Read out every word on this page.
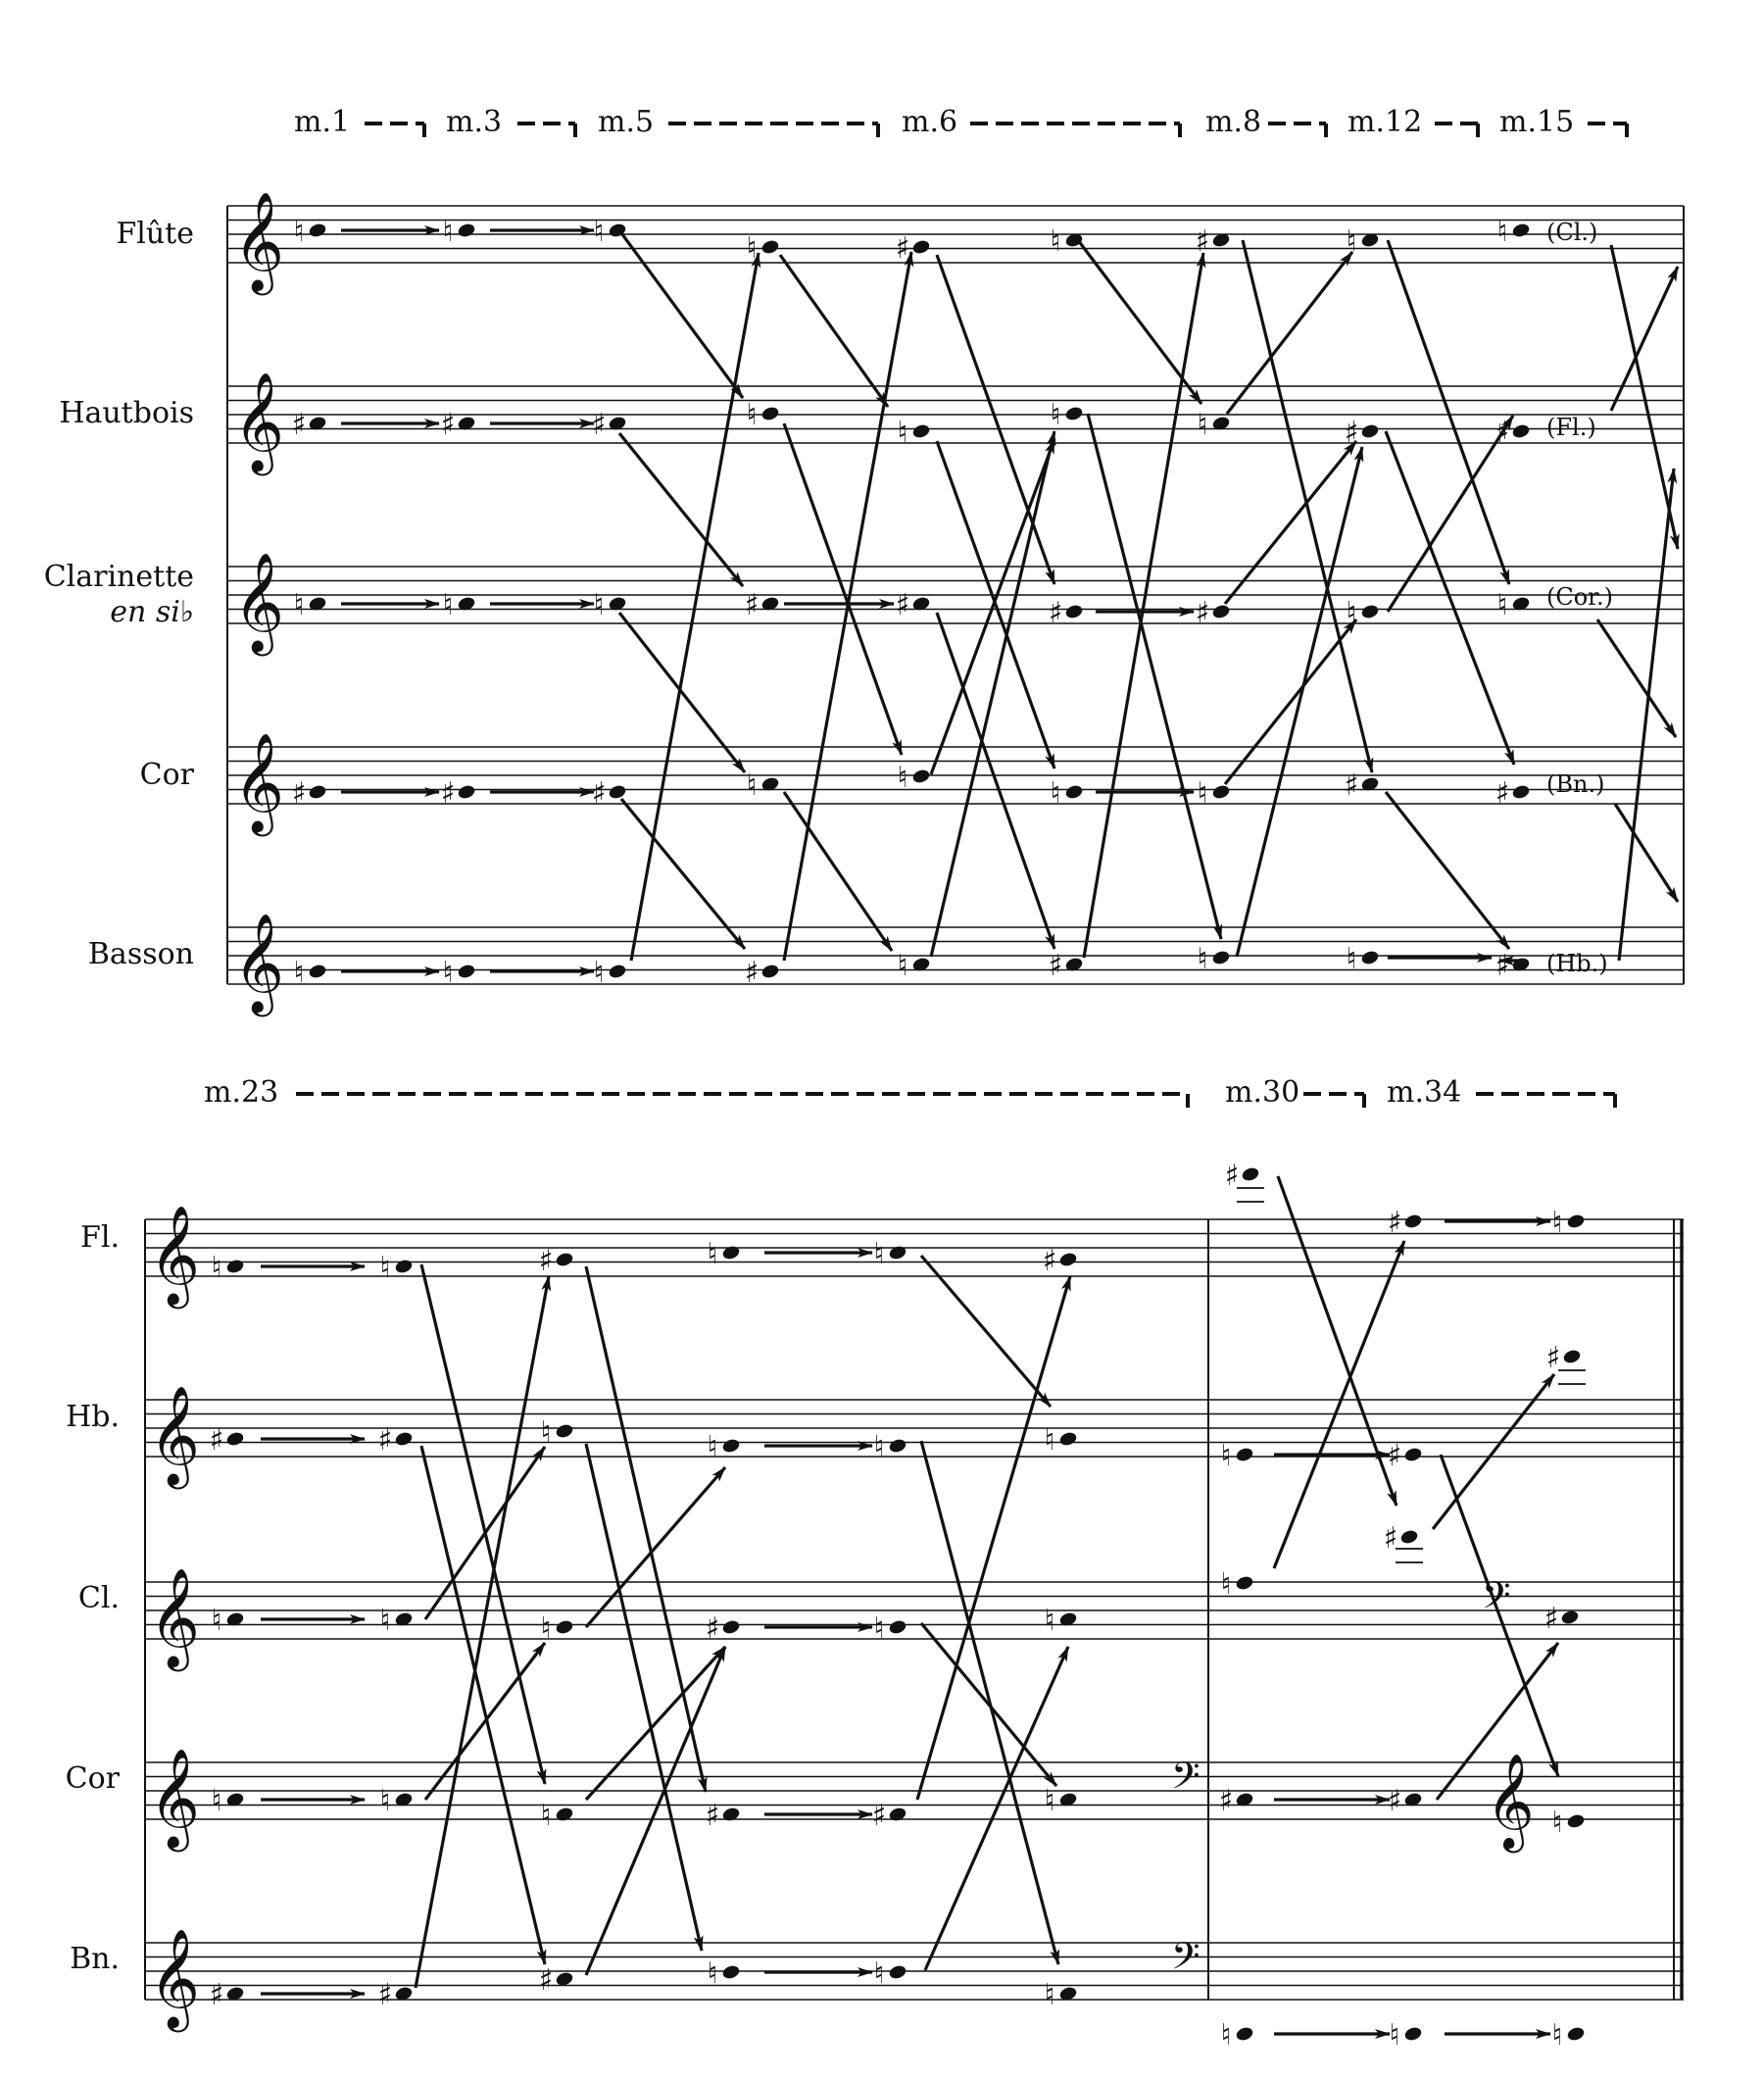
m.1	m.3	m.5	m.6	m.8	m.12	m.15
Flûte
Hautbois
Clarinette
en si♭
Cor
Basson
𝄞
𝄞
𝄞
𝄞
𝄞
♮	♮	♮	♮	♯	♮	♯	♮	♮
♯	♯	♯	♮
♮
♮	♮	♯	♯
♮	♮	♮	♯	♯	♯	♯	♮	♮
♯	♯	♯	♮	♮	♮	♮	♯	♯
♮	♮	♮	♯	♮	♯	♮	♮	♯
(Cl.)
(Fl.)
(Cor.)
(Bn.)
(Hb.)
m.23	m.30	m.34
Fl.
Hb.
Cl.
Cor
Bn.
𝄞
𝄞
𝄞
𝄞
𝄞
𝄢
𝄢
𝄢
𝄞
♮	♮	♯	♮	♮	♯
♯	♯	♮	♮	♮	♮
♮	♮	♮	♯	♮	♮
♮	♮	♮	♯	♯	♮
♯	♯	♯	♮	♮
♮
♮	♯
♯	♮
♮
♯
♯	♯
♮
♮	♮	♮
♯
♯
♯
